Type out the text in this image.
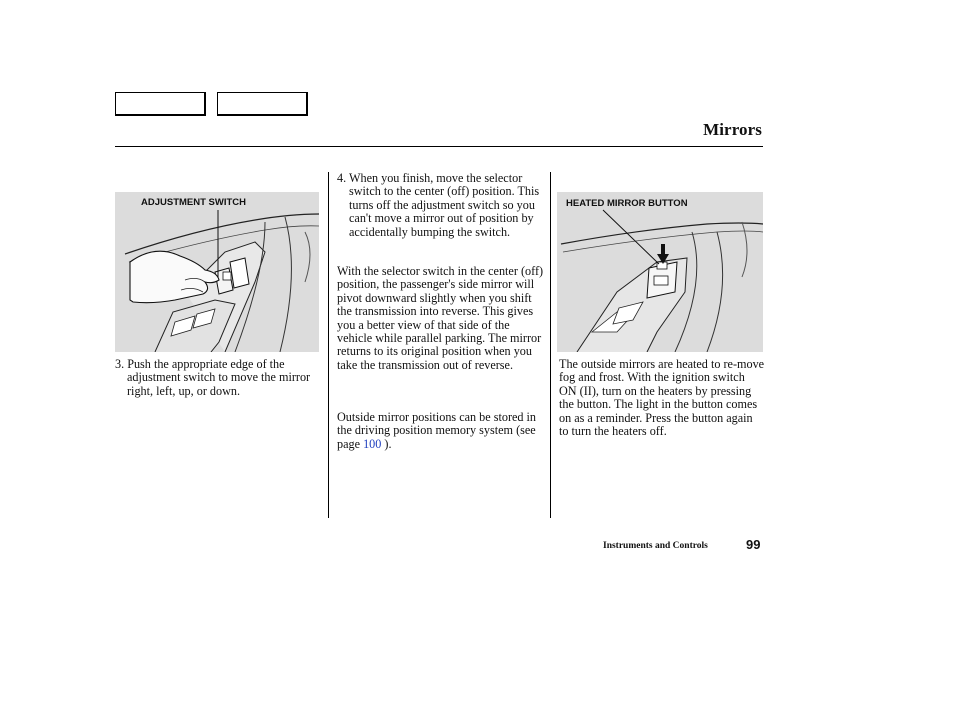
Mirrors
ADJUSTMENT SWITCH	HEATED MIRROR BUTTON

3. Push the appropriate edge of the adjustment switch to move the mirror right, left, up, or down.

4. When you finish, move the selector switch to the center (off) position. This turns off the adjustment switch so you can't move a mirror out of position by accidentally bumping the switch.

With the selector switch in the center (off) position, the passenger's side mirror will pivot downward slightly when you shift the transmission into reverse. This gives you a better view of that side of the vehicle while parallel parking. The mirror returns to its original position when you take the transmission out of reverse.

Outside mirror positions can be stored in the driving position memory system (see page 100 ).

The outside mirrors are heated to re-move fog and frost. With the ignition switch ON (II), turn on the heaters by pressing the button. The light in the button comes on as a reminder. Press the button again to turn the heaters off.

Instruments and Controls	99
